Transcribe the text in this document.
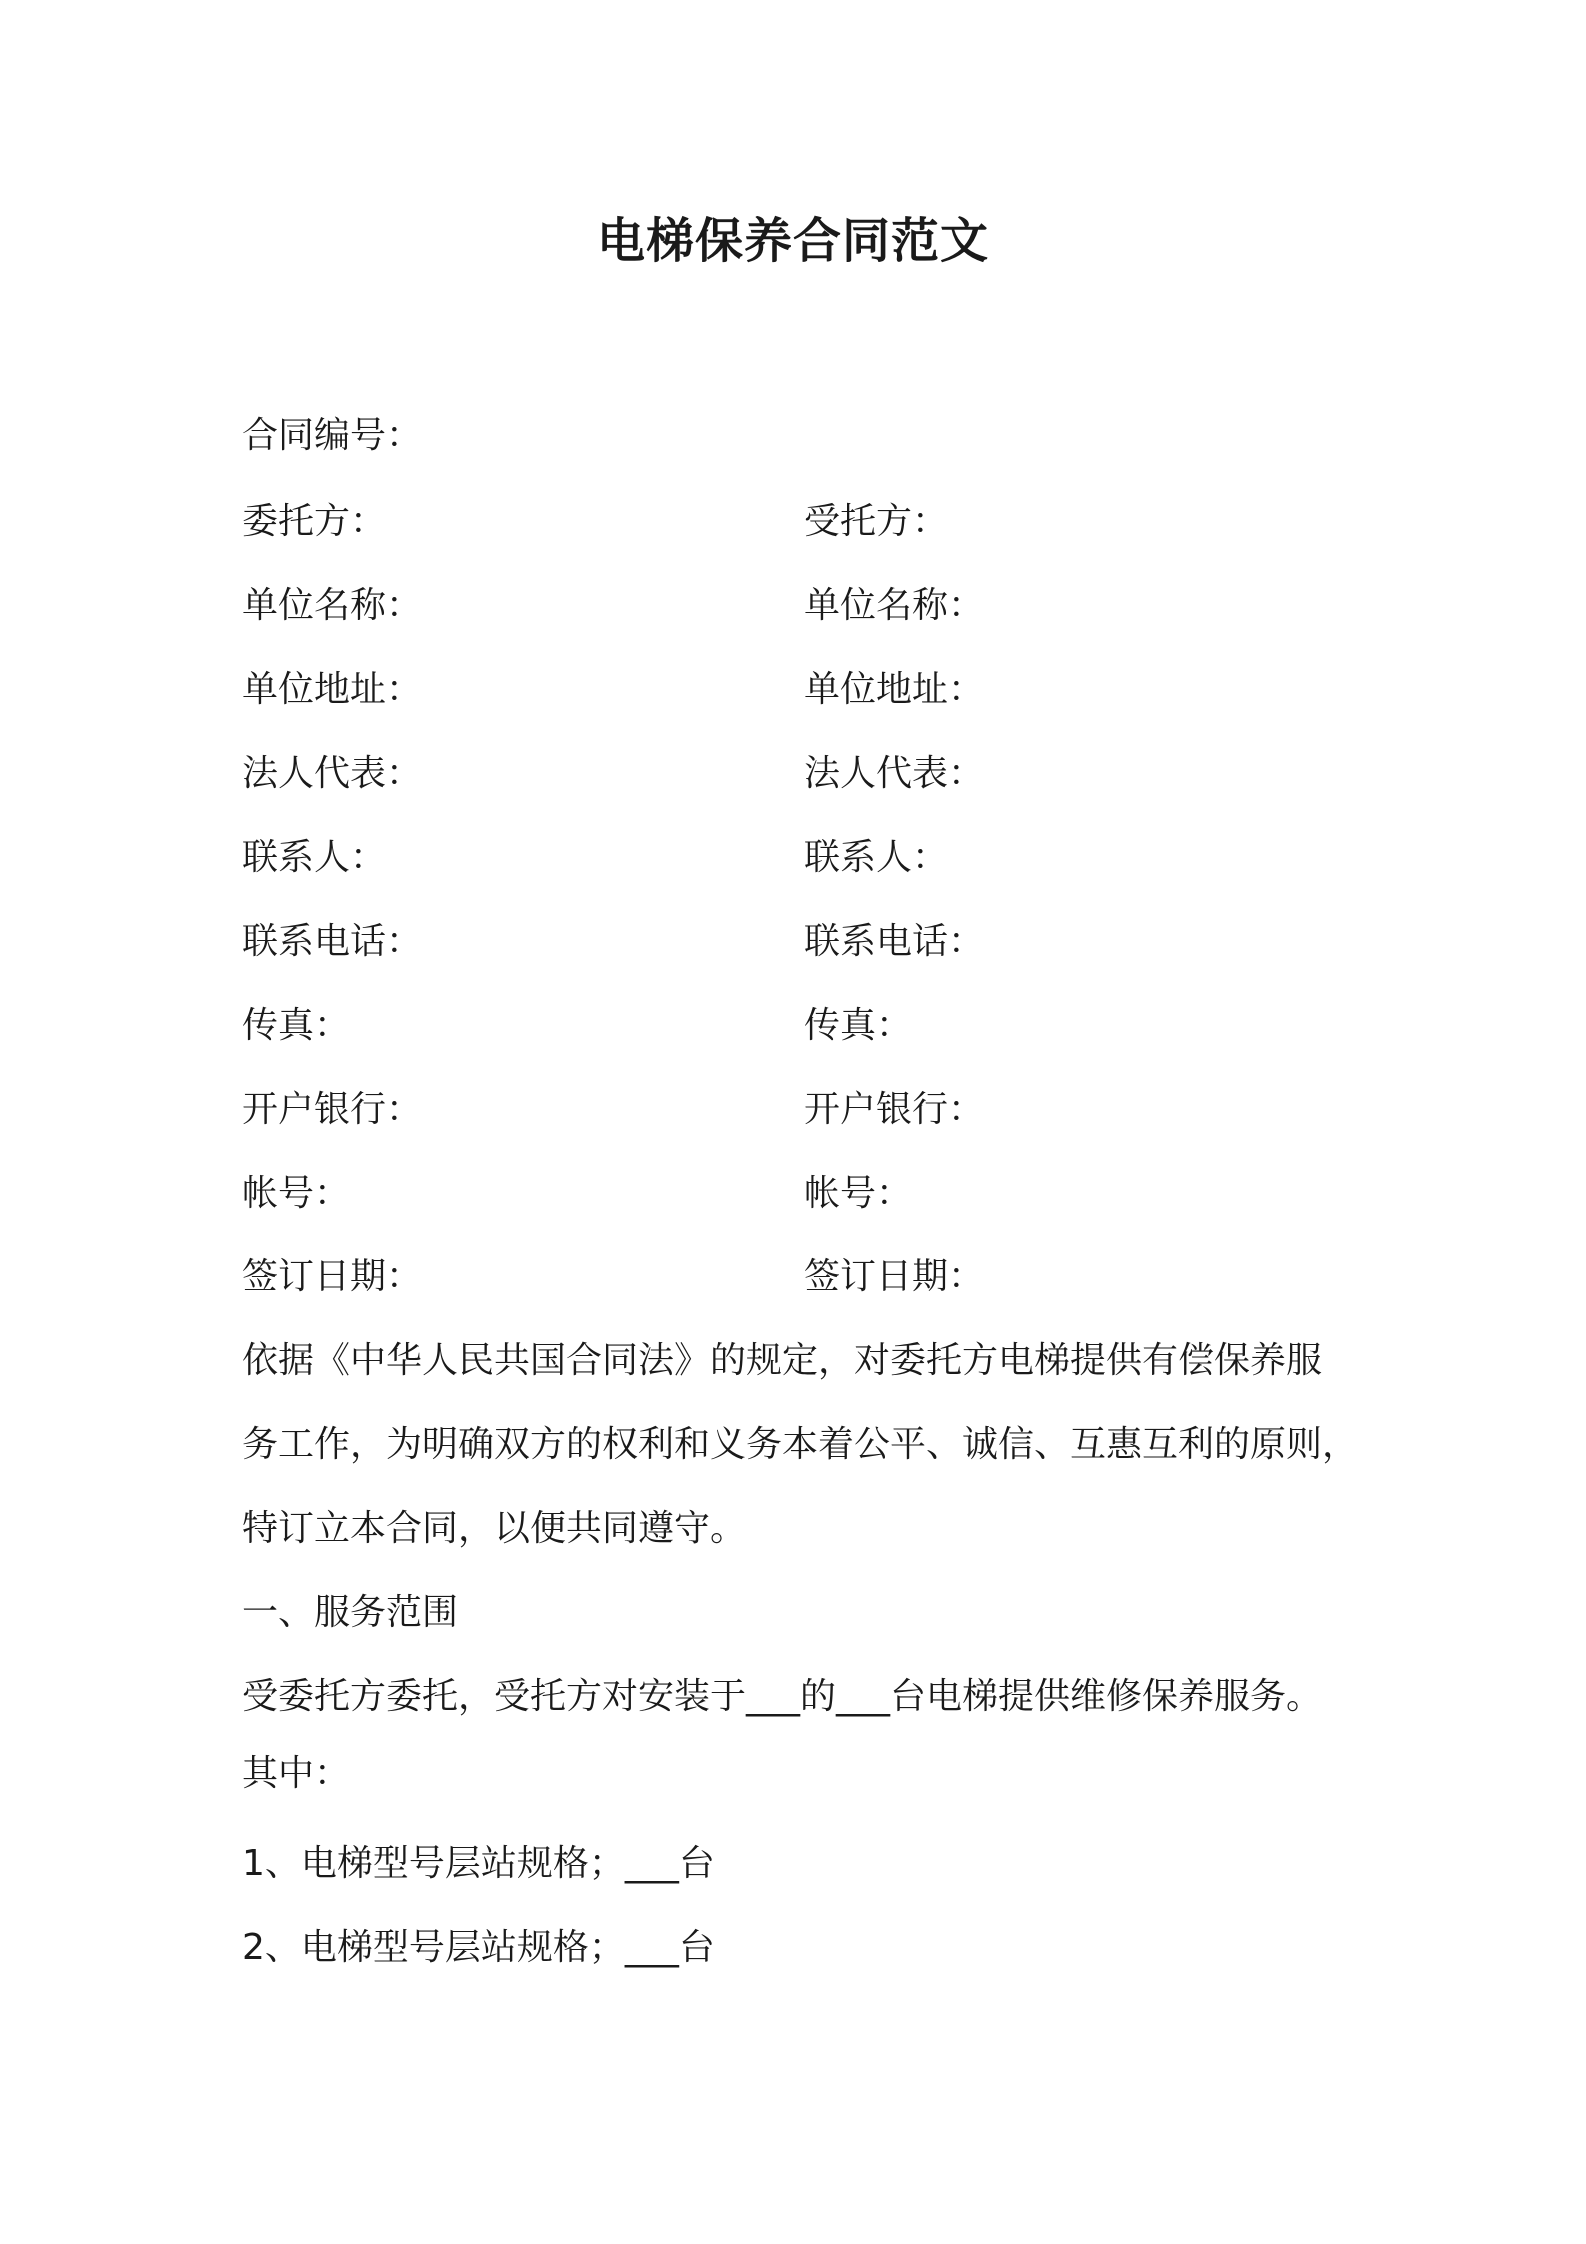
电梯保养合同范文
合同编号：
委托方：	受托方：
单位名称：	单位名称：
单位地址：	单位地址：
法人代表：	法人代表：
联系人：	联系人：
联系电话：	联系电话：
传真：	传真：
开户银行：	开户银行：
帐号：	帐号：
签订日期：	签订日期：
依据《中华人民共国合同法》的规定，对委托方电梯提供有偿保养服
务工作，为明确双方的权利和义务本着公平、诚信、互惠互利的原则，
特订立本合同，以便共同遵守。
一、服务范围
受委托方委托，受托方对安装于___的___台电梯提供维修保养服务。
其中：
1、电梯型号层站规格；___台
2、电梯型号层站规格；___台
